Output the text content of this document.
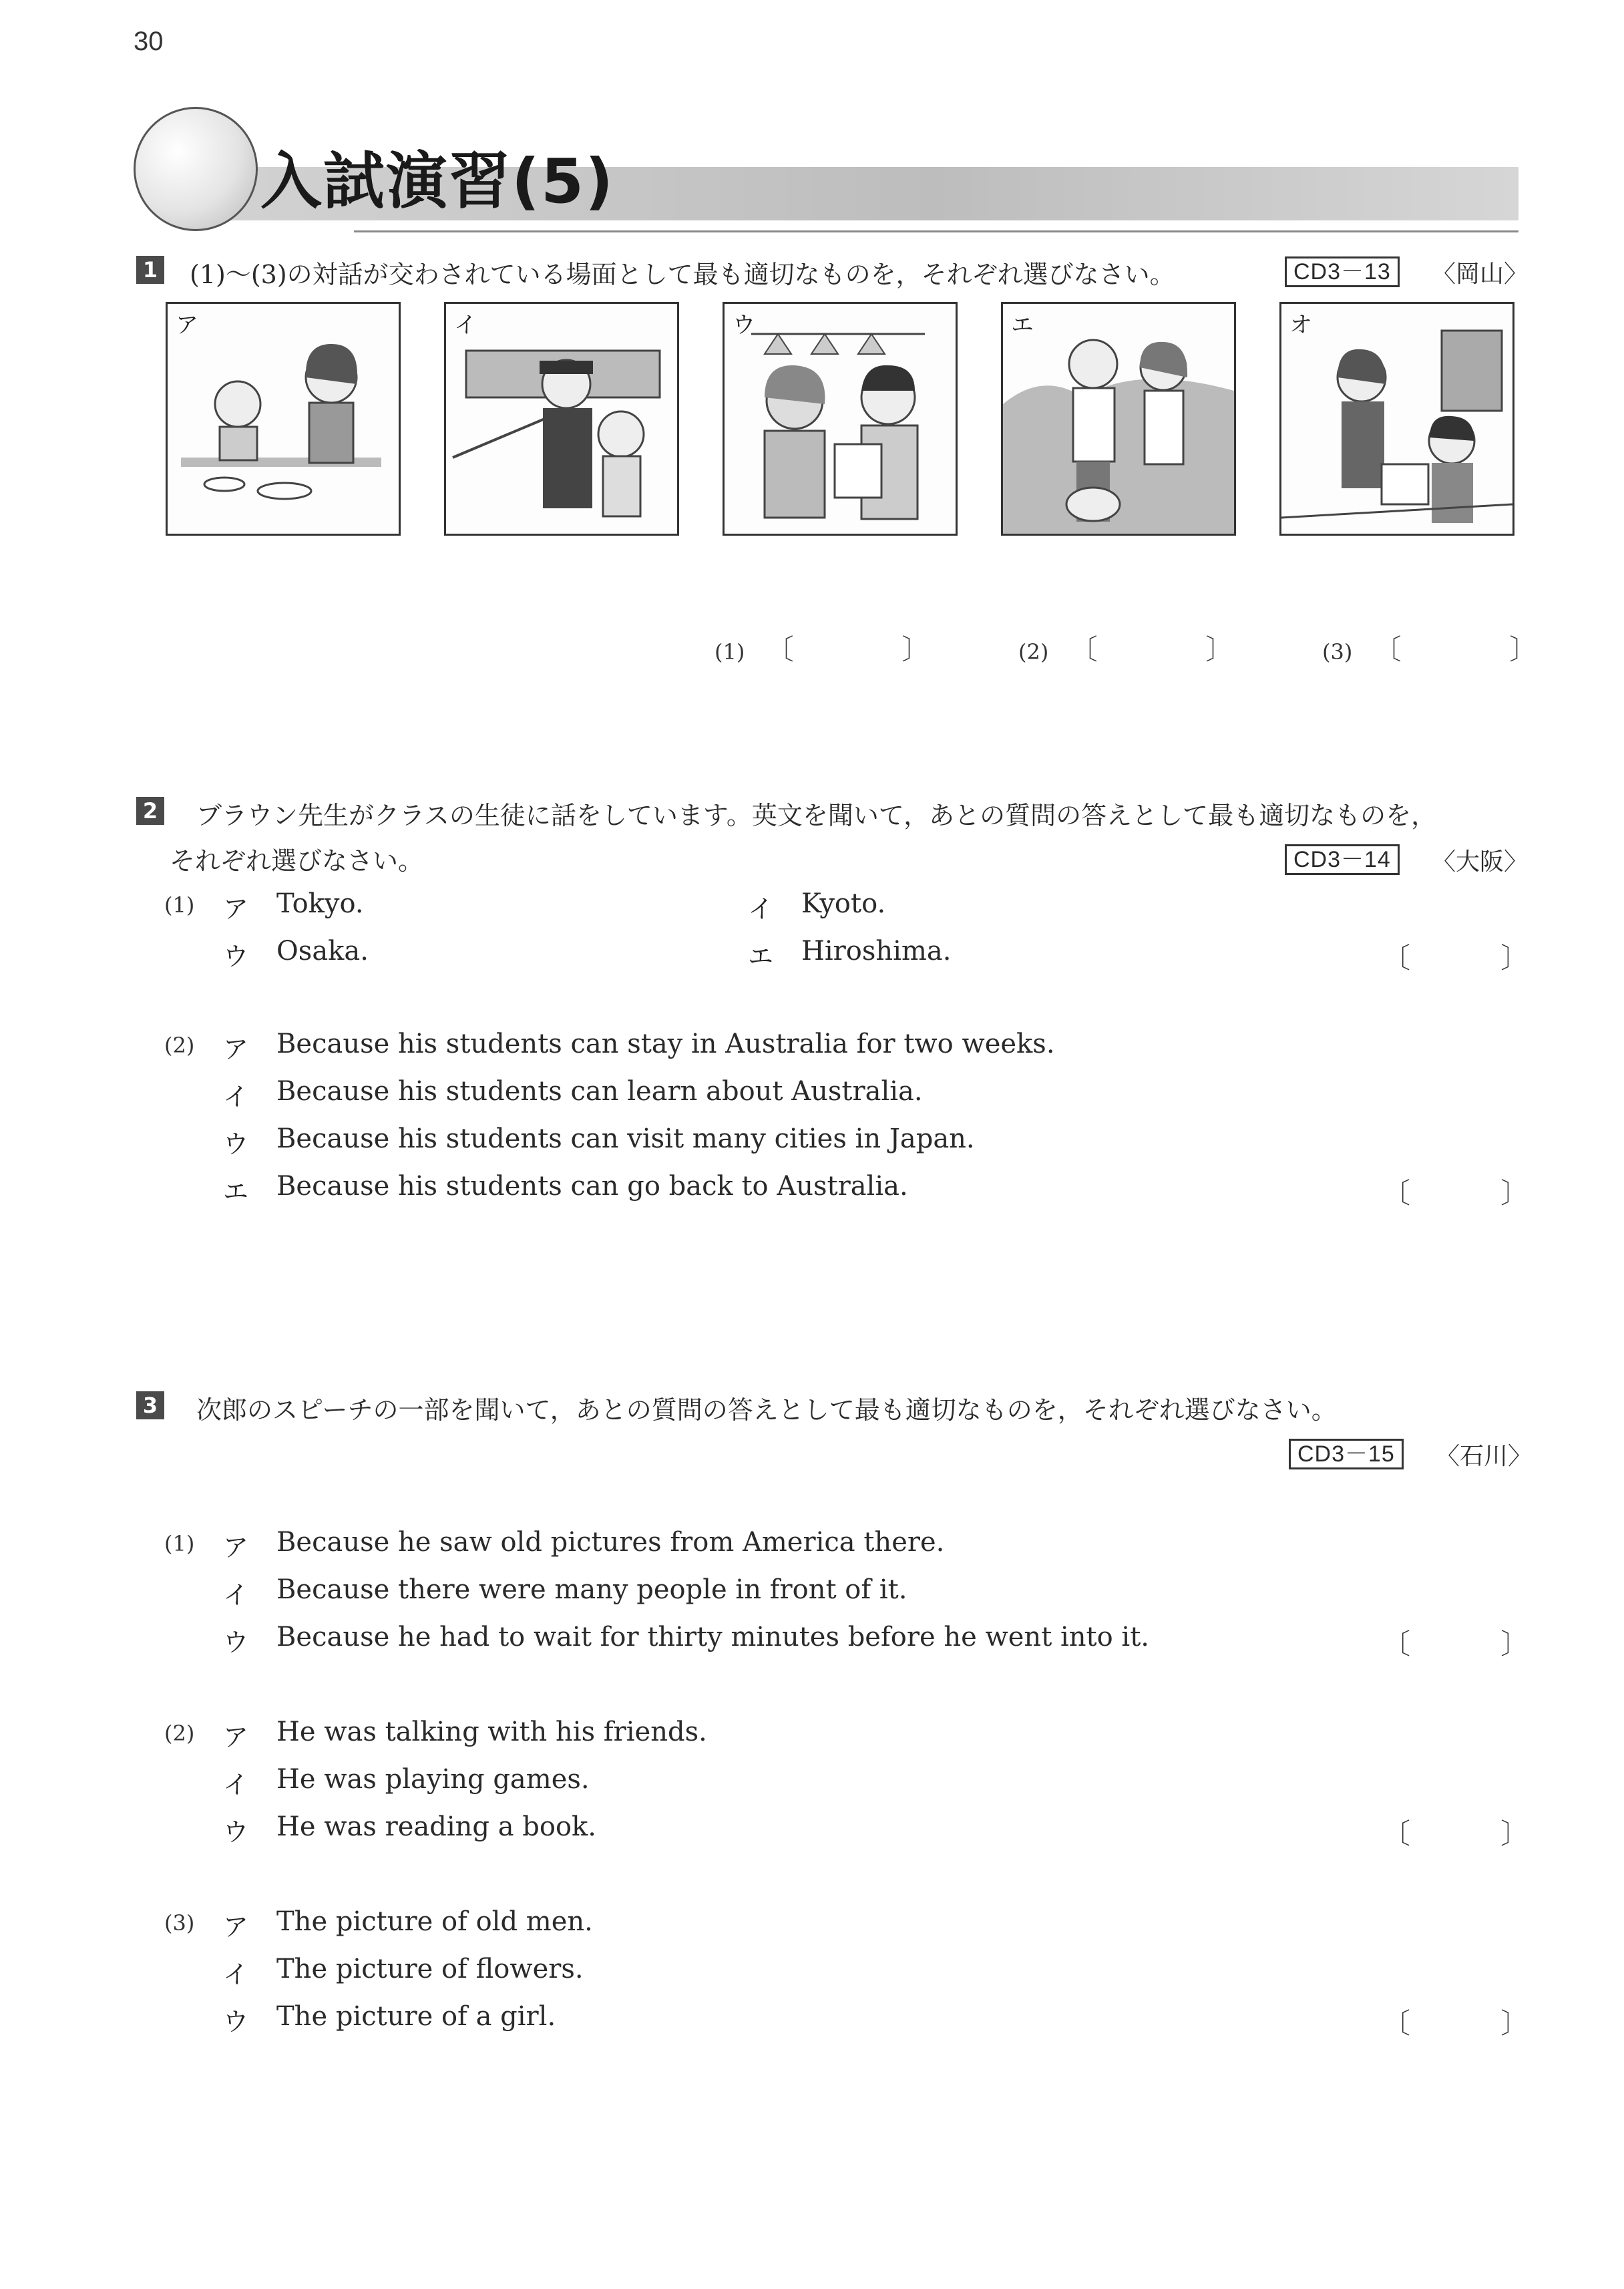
30
入試演習(5)
1 (1)〜(3)の対話が交わされている場面として最も適切なものを，それぞれ選びなさい。	CD3－13	〈岡山〉
ア	イ	ウ	エ	オ
(1) 〔	〕	(2) 〔	〕	(3) 〔	〕
2 ブラウン先生がクラスの生徒に話をしています。英文を聞いて，あとの質問の答えとして最も適切なものを，
それぞれ選びなさい。	CD3－14	〈大阪〉
(1) ア Tokyo.	イ Kyoto.
ウ Osaka.	エ Hiroshima.	〔	〕
(2) ア Because his students can stay in Australia for two weeks.
イ Because his students can learn about Australia.
ウ Because his students can visit many cities in Japan.
エ Because his students can go back to Australia.	〔	〕
3 次郎のスピーチの一部を聞いて，あとの質問の答えとして最も適切なものを，それぞれ選びなさい。
CD3－15	〈石川〉
(1) ア Because he saw old pictures from America there.
イ Because there were many people in front of it.
ウ Because he had to wait for thirty minutes before he went into it.	〔	〕
(2) ア He was talking with his friends.
イ He was playing games.
ウ He was reading a book.	〔	〕
(3) ア The picture of old men.
イ The picture of flowers.
ウ The picture of a girl.	〔	〕
